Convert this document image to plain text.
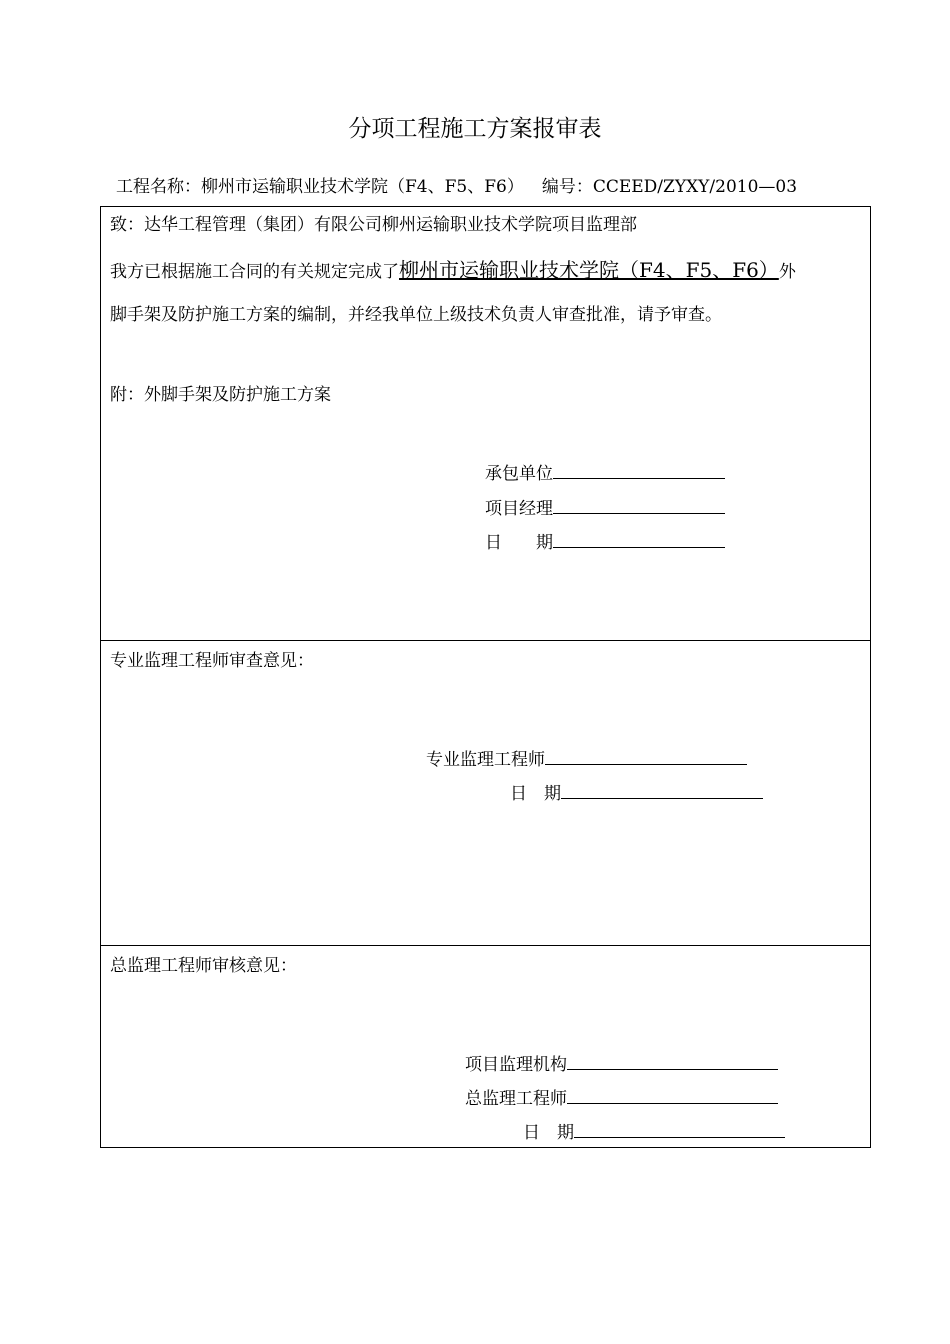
分项工程施工方案报审表
工程名称：柳州市运输职业技术学院（F4、F5、F6） 编号：CCEED/ZYXY/2010—03
致：达华工程管理（集团）有限公司柳州运输职业技术学院项目监理部
我方已根据施工合同的有关规定完成了柳州市运输职业技术学院（F4、F5、F6）外
脚手架及防护施工方案的编制，并经我单位上级技术负责人审查批准，请予审查。
附：外脚手架及防护施工方案
承包单位
项目经理
日　　期
专业监理工程师审查意见：
专业监理工程师
日　期
总监理工程师审核意见：
项目监理机构
总监理工程师
日　期
